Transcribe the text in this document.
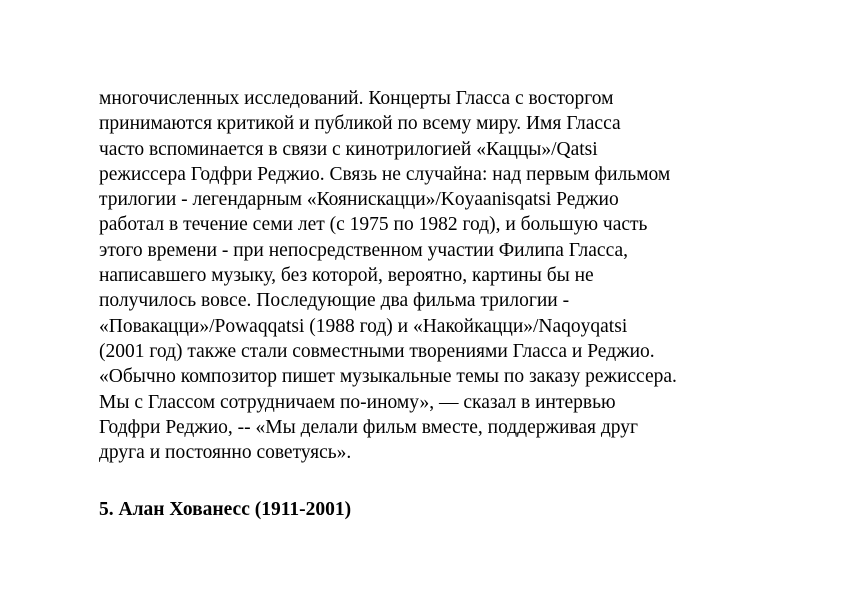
многочисленных исследований. Концерты Гласса с восторгом
принимаются критикой и публикой по всему миру. Имя Гласса
часто вспоминается в связи с кинотрилогией «Каццы»/Qatsi
режиссера Годфри Реджио. Связь не случайна: над первым фильмом
трилогии - легендарным «Коянискацци»/Koyaanisqatsi Реджио
работал в течение семи лет (с 1975 по 1982 год), и большую часть
этого времени - при непосредственном участии Филипа Гласса,
написавшего музыку, без которой, вероятно, картины бы не
получилось вовсе. Последующие два фильма трилогии -
«Повакацци»/Powaqqatsi (1988 год) и «Накойкацци»/Naqoyqatsi
(2001 год) также стали совместными творениями Гласса и Реджио.
«Обычно композитор пишет музыкальные темы по заказу режиссера.
Мы с Глассом сотрудничаем по-иному», — сказал в интервью
Годфри Реджио, -- «Мы делали фильм вместе, поддерживая друг
друга и постоянно советуясь».

5. Алан Хованесс (1911-2001)
